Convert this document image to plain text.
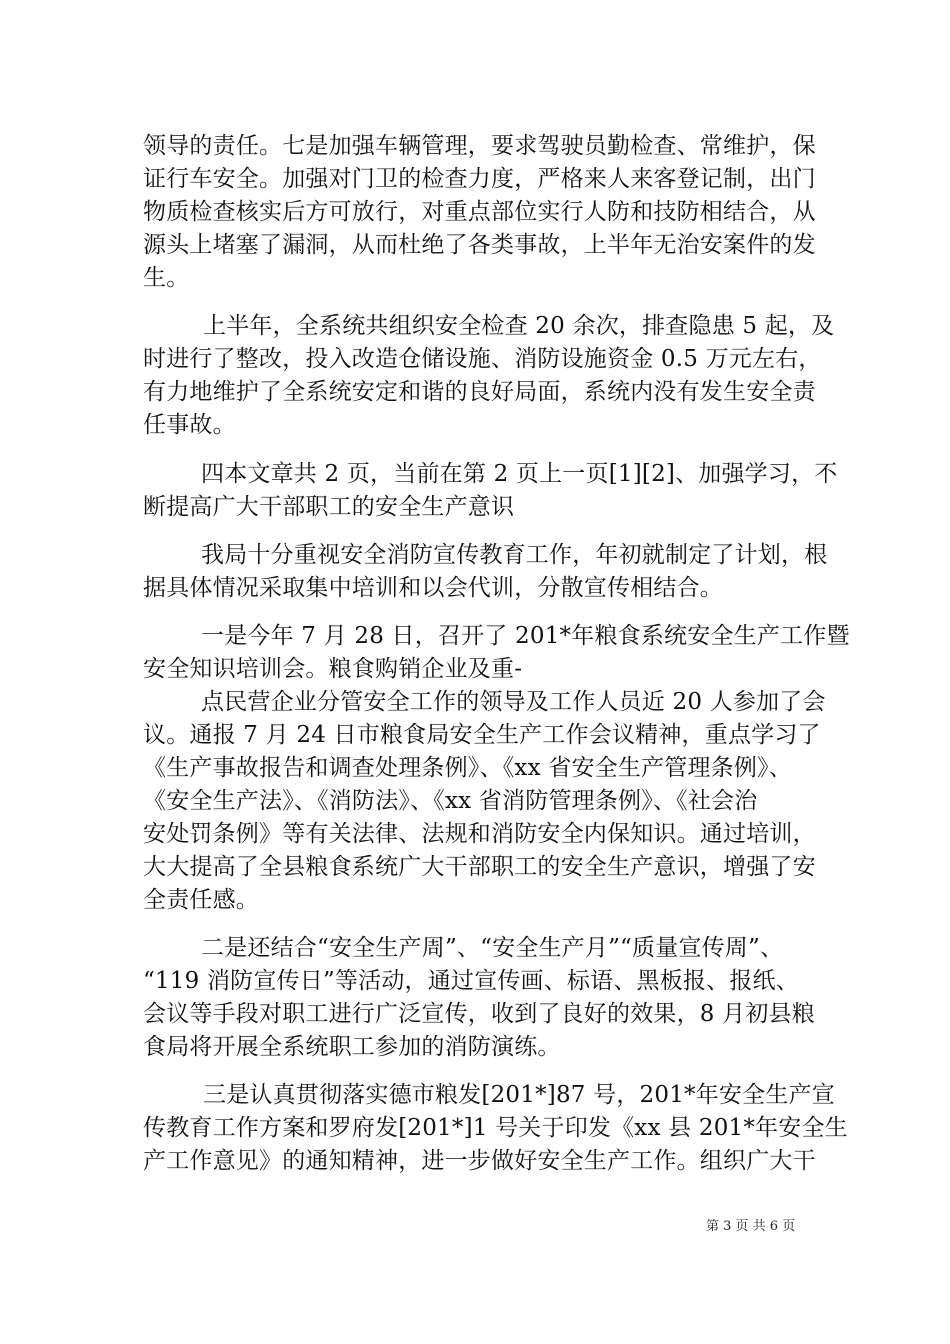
领导的责任。七是加强车辆管理，要求驾驶员勤检查、常维护，保
证行车安全。加强对门卫的检查力度，严格来人来客登记制，出门
物质检查核实后方可放行，对重点部位实行人防和技防相结合，从
源头上堵塞了漏洞，从而杜绝了各类事故，上半年无治安案件的发
生。
上半年，全系统共组织安全检查 20 余次，排查隐患 5 起，及
时进行了整改，投入改造仓储设施、消防设施资金 0.5 万元左右，
有力地维护了全系统安定和谐的良好局面，系统内没有发生安全责
任事故。
四本文章共 2 页，当前在第 2 页上一页[1][2]、加强学习，不
断提高广大干部职工的安全生产意识
我局十分重视安全消防宣传教育工作，年初就制定了计划，根
据具体情况采取集中培训和以会代训，分散宣传相结合。
一是今年 7 月 28 日，召开了 201*年粮食系统安全生产工作暨
安全知识培训会。粮食购销企业及重-
点民营企业分管安全工作的领导及工作人员近 20 人参加了会
议。通报 7 月 24 日市粮食局安全生产工作会议精神，重点学习了
《生产事故报告和调查处理条例》、《xx 省安全生产管理条例》、
《安全生产法》、《消防法》、《xx 省消防管理条例》、《社会治
安处罚条例》等有关法律、法规和消防安全内保知识。通过培训，
大大提高了全县粮食系统广大干部职工的安全生产意识，增强了安
全责任感。
二是还结合“安全生产周”、“安全生产月”“质量宣传周”、
“119 消防宣传日”等活动，通过宣传画、标语、黑板报、报纸、
会议等手段对职工进行广泛宣传，收到了良好的效果，8 月初县粮
食局将开展全系统职工参加的消防演练。
三是认真贯彻落实德市粮发[201*]87 号，201*年安全生产宣
传教育工作方案和罗府发[201*]1 号关于印发《xx 县 201*年安全生
产工作意见》的通知精神，进一步做好安全生产工作。组织广大干
第 3 页 共 6 页
